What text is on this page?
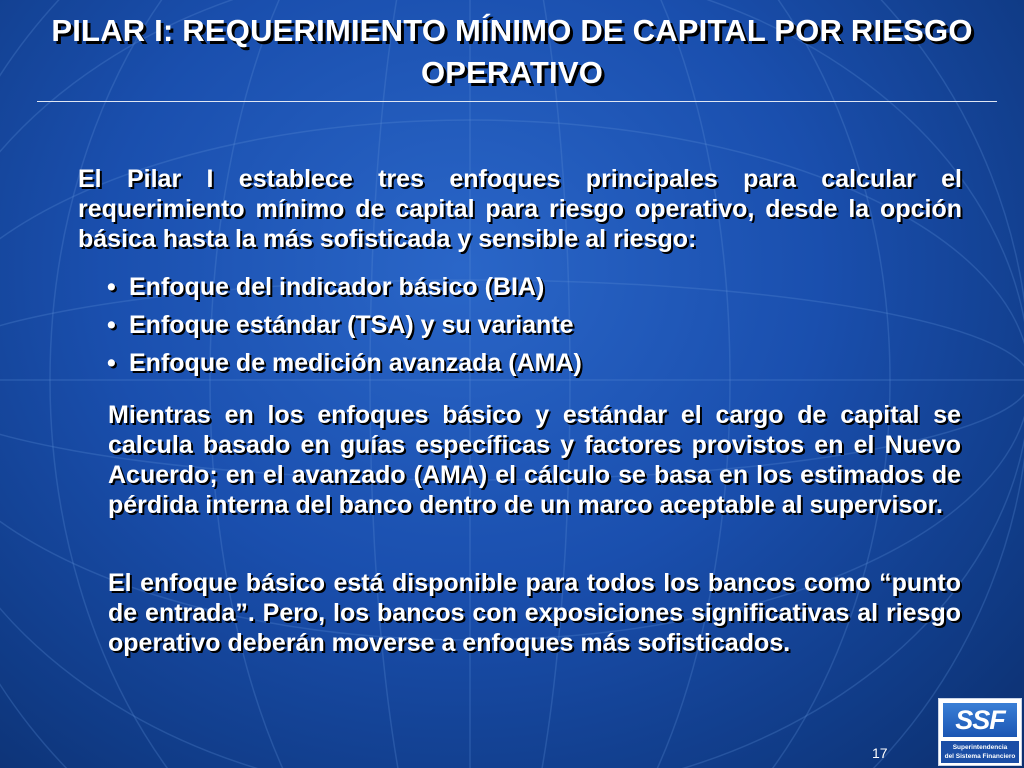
PILAR I: REQUERIMIENTO MÍNIMO DE CAPITAL POR RIESGO OPERATIVO
El Pilar I establece tres enfoques principales para calcular el requerimiento mínimo de capital para riesgo operativo, desde la opción básica hasta la más sofisticada y sensible al riesgo:
• Enfoque del indicador básico (BIA)
• Enfoque estándar (TSA) y su variante
• Enfoque de medición avanzada (AMA)
Mientras en los enfoques básico y estándar el cargo de capital se calcula basado en guías específicas y factores provistos en el Nuevo Acuerdo; en el avanzado (AMA) el cálculo se basa en los estimados de pérdida interna del banco dentro de un marco aceptable al supervisor.
El enfoque básico está disponible para todos los bancos como “punto de entrada”. Pero, los bancos con exposiciones significativas al riesgo operativo deberán moverse a enfoques más sofisticados.
17
SSF
Superintendencia
del Sistema Financiero
